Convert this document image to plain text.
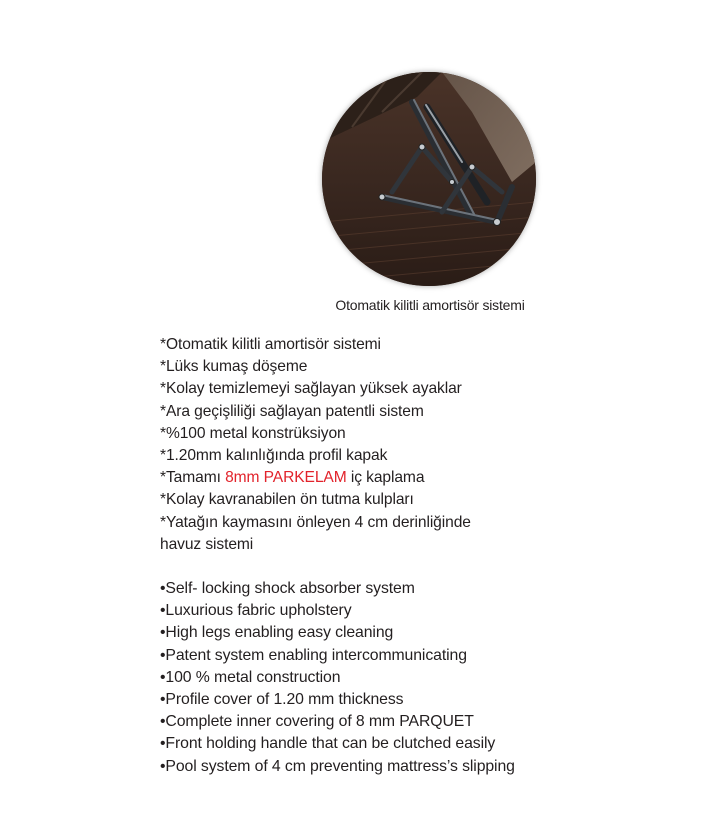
Otomatik kilitli amortisör sistemi
*Otomatik kilitli amortisör sistemi
*Lüks kumaş döşeme
*Kolay temizlemeyi sağlayan yüksek ayaklar
*Ara geçişliliği sağlayan patentli sistem
*%100 metal konstrüksiyon
*1.20mm kalınlığında profil kapak
*Tamamı 8mm PARKELAM iç kaplama
*Kolay kavranabilen ön tutma kulpları
*Yatağın kaymasını önleyen 4 cm derinliğinde
havuz sistemi
•Self- locking shock absorber system
•Luxurious fabric upholstery
•High legs enabling easy cleaning
•Patent system enabling intercommunicating
•100 % metal construction
•Profile cover of 1.20 mm thickness
•Complete inner covering of 8 mm PARQUET
•Front holding handle that can be clutched easily
•Pool system of 4 cm preventing mattress’s slipping
